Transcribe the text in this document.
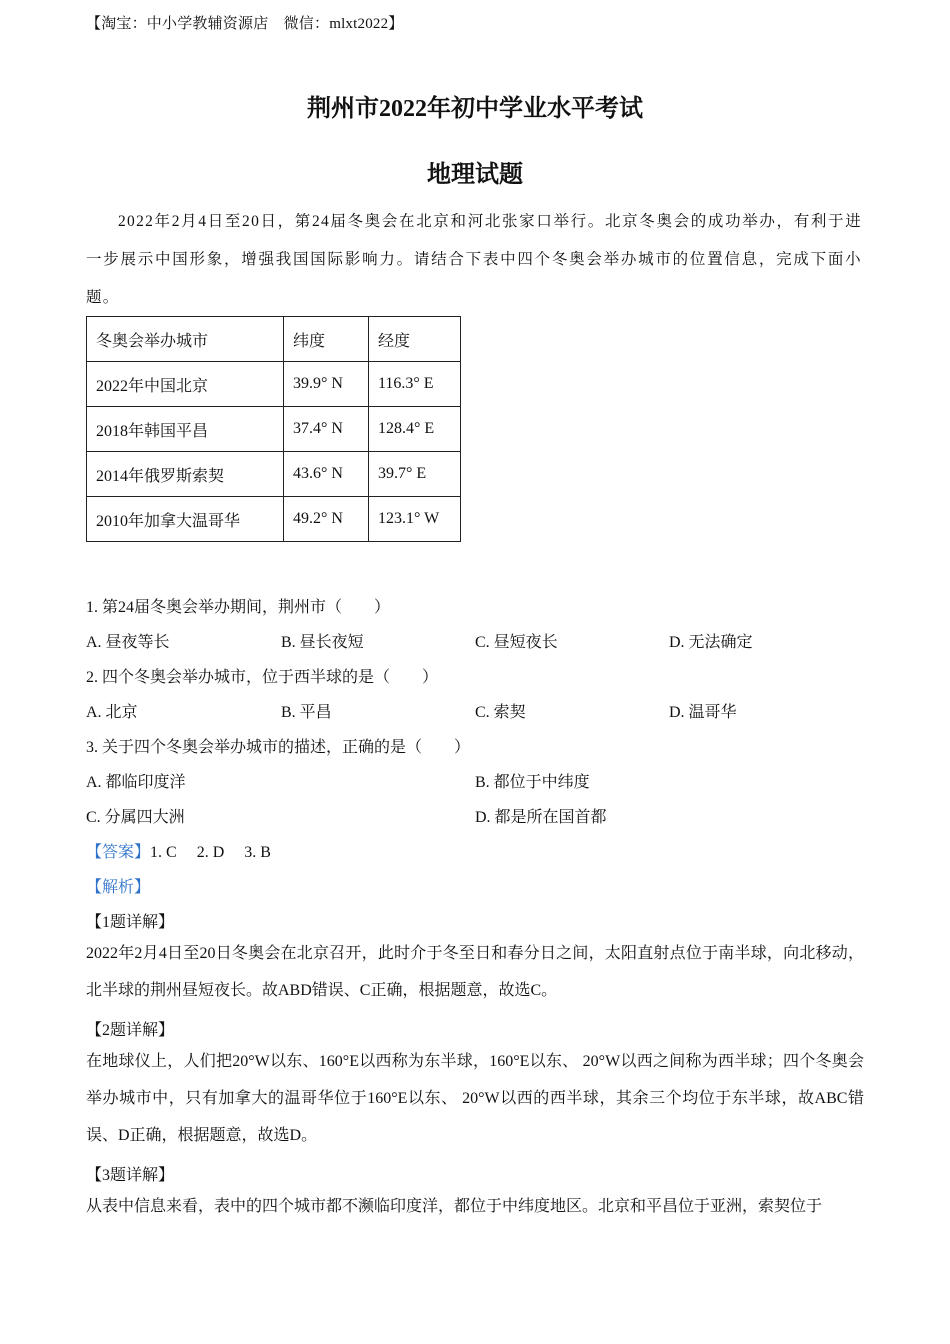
【淘宝：中小学教辅资源店　微信：mlxt2022】
荆州市2022年初中学业水平考试
地理试题
2022年2月4日至20日，第24届冬奥会在北京和河北张家口举行。北京冬奥会的成功举办，有利于进一步展示中国形象，增强我国国际影响力。请结合下表中四个冬奥会举办城市的位置信息，完成下面小题。
冬奥会举办城市	纬度	经度
2022年中国北京	39.9° N	116.3° E
2018年韩国平昌	37.4° N	128.4° E
2014年俄罗斯索契	43.6° N	39.7° E
2010年加拿大温哥华	49.2° N	123.1° W
1. 第24届冬奥会举办期间，荆州市（　　）
A. 昼夜等长	B. 昼长夜短	C. 昼短夜长	D. 无法确定
2. 四个冬奥会举办城市，位于西半球的是（　　）
A. 北京	B. 平昌	C. 索契	D. 温哥华
3. 关于四个冬奥会举办城市的描述，正确的是（　　）
A. 都临印度洋	B. 都位于中纬度
C. 分属四大洲	D. 都是所在国首都
【答案】1. C　 2. D　 3. B
【解析】
【1题详解】
2022年2月4日至20日冬奥会在北京召开，此时介于冬至日和春分日之间，太阳直射点位于南半球，向北移动，北半球的荆州昼短夜长。故ABD错误、C正确，根据题意，故选C。
【2题详解】
在地球仪上，人们把20°W以东、160°E以西称为东半球，160°E以东、 20°W以西之间称为西半球；四个冬奥会举办城市中，只有加拿大的温哥华位于160°E以东、 20°W以西的西半球，其余三个均位于东半球，故ABC错误、D正确，根据题意，故选D。
【3题详解】
从表中信息来看，表中的四个城市都不濒临印度洋，都位于中纬度地区。北京和平昌位于亚洲，索契位于
